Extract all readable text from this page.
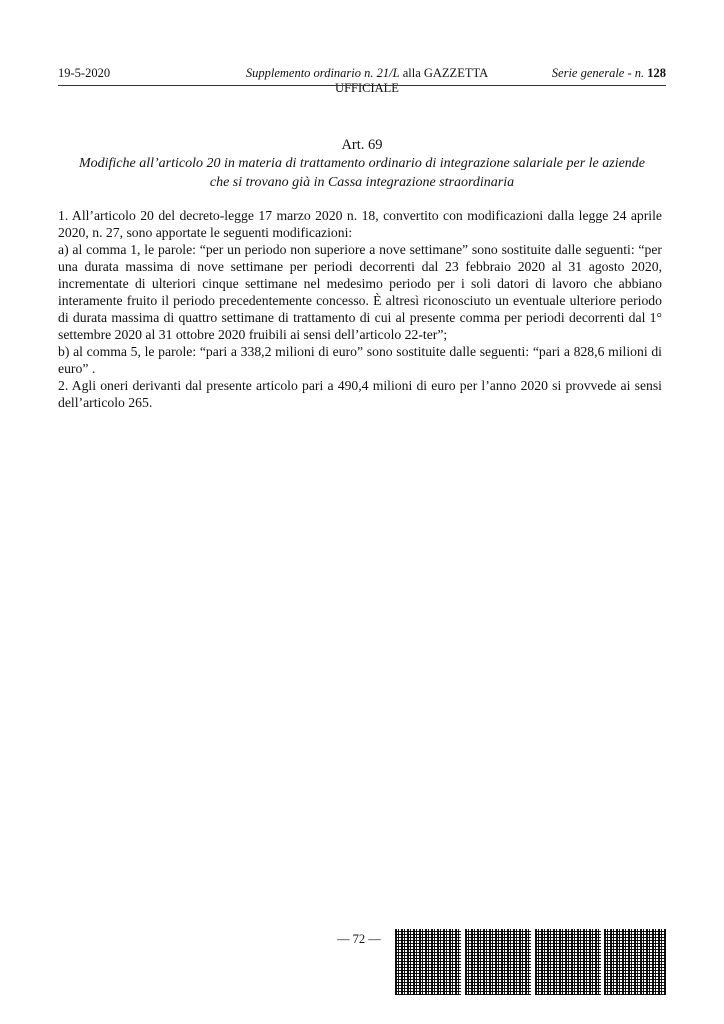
19-5-2020	Supplemento ordinario n. 21/L alla GAZZETTA UFFICIALE
Serie generale - n. 128
Art. 69
Modifiche all’articolo 20 in materia di trattamento ordinario di integrazione salariale per le aziende
che si trovano già in Cassa integrazione straordinaria

1. All’articolo 20 del decreto-legge 17 marzo 2020 n. 18, convertito con modificazioni dalla legge 24 aprile 2020, n. 27, sono apportate le seguenti modificazioni:

a) al comma 1, le parole: “per un periodo non superiore a nove settimane” sono sostituite dalle seguenti: “per una durata massima di nove settimane per periodi decorrenti dal 23 febbraio 2020 al 31 agosto 2020, incrementate di ulteriori cinque settimane nel medesimo periodo per i soli datori di lavoro che abbiano interamente fruito il periodo precedentemente concesso. È altresì riconosciuto un eventuale ulteriore periodo di durata massima di quattro settimane di trattamento di cui al presente comma per periodi decorrenti dal 1° settembre 2020 al 31 ottobre 2020 fruibili ai sensi dell’articolo 22-ter”;

b) al comma 5, le parole: “pari a 338,2 milioni di euro” sono sostituite dalle seguenti: “pari a 828,6 milioni di euro” .

2. Agli oneri derivanti dal presente articolo pari a 490,4 milioni di euro per l’anno 2020 si provvede ai sensi dell’articolo 265.

— 72 —
